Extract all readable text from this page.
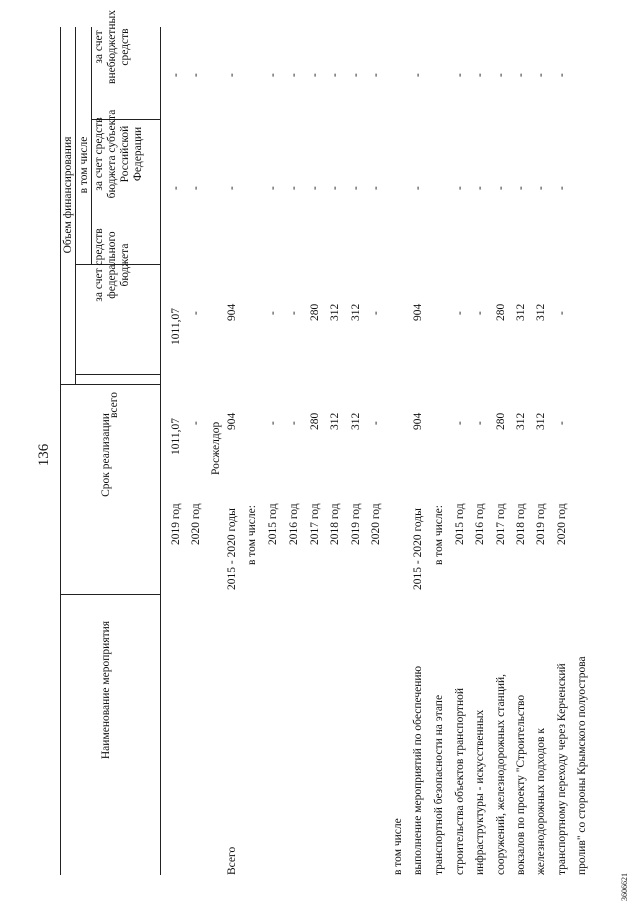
136
3606621
Наименование мероприятия
Срок реализации
Объем финансирования
всего
в том числе
за счет средств федерального бюджета
за счет средств бюджета субъекта Российской Федерации
за счет внебюджетных средств
2019 год
1011,07
1011,07
-
-
2020 год
-
-
-
-
Росжелдор
Всего
2015 - 2020 годы
904
904
-
-
в том числе: 2015 год
-
-
-
-
2016 год
-
-
-
-
2017 год
280
280
-
-
2018 год
312
312
-
-
2019 год
312
312
-
-
2020 год
-
-
-
-
в том числе выполнение мероприятий по обеспечению
2015 - 2020 годы
904
904
-
-
транспортной безопасности на этапе
в том числе:
строительства объектов транспортной
2015 год
-
-
-
-
инфраструктуры - искусственных
2016 год
-
-
-
-
сооружений, железнодорожных станций,
2017 год
280
280
-
-
вокзалов по проекту "Строительство
2018 год
312
312
-
-
железнодорожных подходов к
2019 год
312
312
-
-
транспортному переходу через Керченский
2020 год
-
-
-
-
пролив" со стороны Крымского полуострова
